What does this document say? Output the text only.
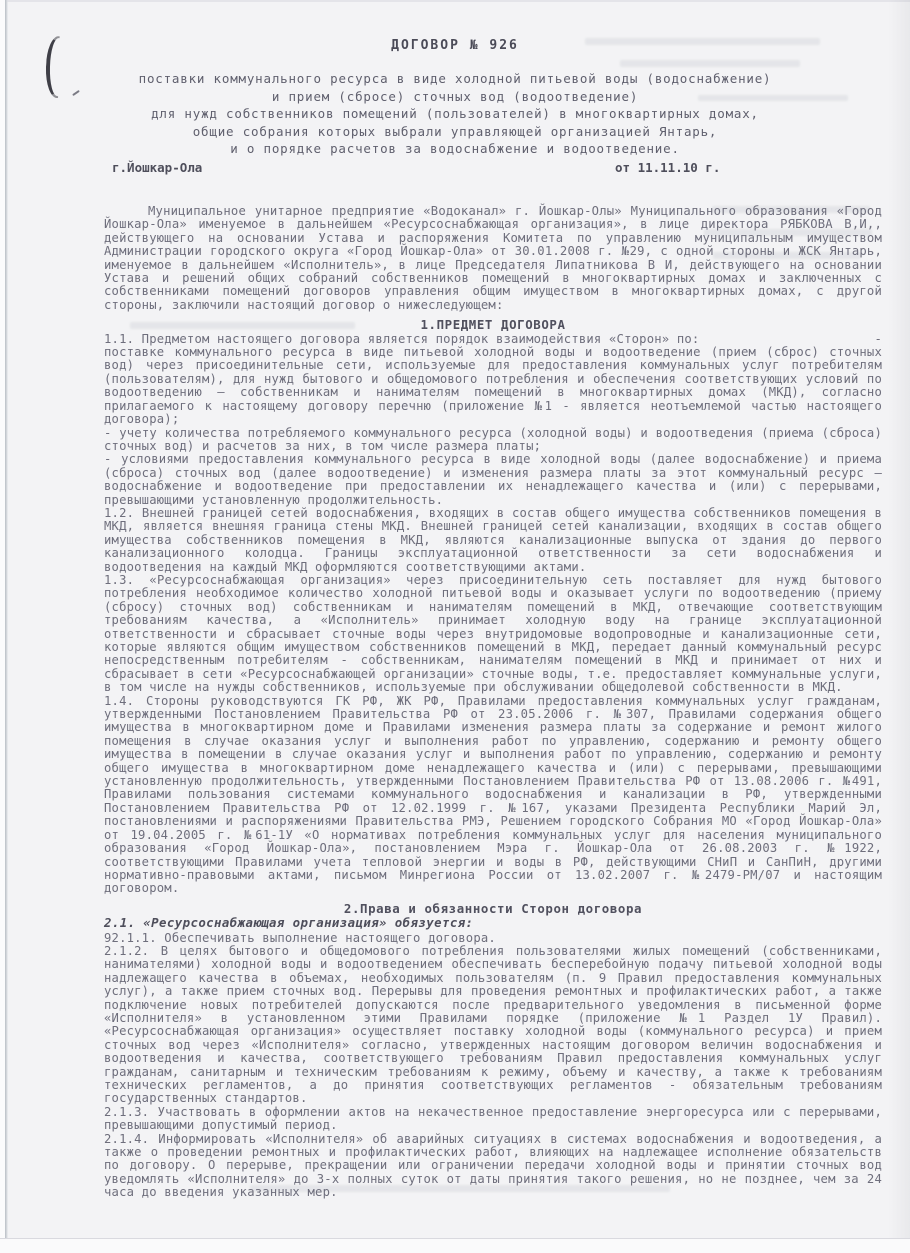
ДОГОВОР № 926
поставки коммунального ресурса в виде холодной питьевой воды (водоснабжение)
и прием (сбросе) сточных вод (водоотведение)
для нужд собственников помещений (пользователей) в многоквартирных домах,
общие собрания которых выбрали управляющей организацией Янтарь,
и о порядке расчетов за водоснабжение и водоотведение.
г.Йошкар-Ола	от 11.11.10 г.

Муниципальное унитарное предприятие «Водоканал» г. Йошкар-Олы» Муниципального образования «Город Йошкар-Ола» именуемое в дальнейшем «Ресурсоснабжающая организация», в лице директора РЯБКОВА В,И,, действующего на основании Устава и распоряжения Комитета по управлению муниципальным имуществом Администрации городского округа «Город Йошкар-Ола» от 30.01.2008 г. №29, с одной стороны и ЖСК Янтарь, именуемое в дальнейшем «Исполнитель», в лице Председателя Липатникова В И, действующего на основании Устава и решений общих собраний собственников помещений в многоквартирных домах и заключенных с собственниками помещений договоров управления общим имуществом в многоквартирных домах, с другой стороны, заключили настоящий договор о нижеследующем:

1.ПРЕДМЕТ ДОГОВОРА

1.1. Предметом настоящего договора является порядок взаимодействия «Сторон» по:	-

поставке коммунального ресурса в виде питьевой холодной воды и водоотведение (прием (сброс) сточных вод) через присоединительные сети, используемые для предоставления коммунальных услуг потребителям (пользователям), для нужд бытового и общедомового потребления и обеспечения соответствующих условий по водоотведению — собственникам и нанимателям помещений в многоквартирных домах (МКД), согласно прилагаемого к настоящему договору перечню (приложение №1 - является неотъемлемой частью настоящего договора);

- учету количества потребляемого коммунального ресурса (холодной воды) и водоотведения (приема (сброса) сточных вод) и расчетов за них, в том числе размера платы;

- условиями предоставления коммунального ресурса в виде холодной воды (далее водоснабжение) и приема (сброса) сточных вод (далее водоотведение) и изменения размера платы за этот коммунальный ресурс — водоснабжение и водоотведение при предоставлении их ненадлежащего качества и (или) с перерывами, превышающими установленную продолжительность.

1.2. Внешней границей сетей водоснабжения, входящих в состав общего имущества собственников помещения в МКД, является внешняя граница стены МКД. Внешней границей сетей канализации, входящих в состав общего имущества собственников помещения в МКД, являются канализационные выпуска от здания до первого канализационного колодца. Границы эксплуатационной ответственности за сети водоснабжения и водоотведения на каждый МКД оформляются соответствующими актами.

1.3. «Ресурсоснабжающая организация» через присоединительную сеть поставляет для нужд бытового потребления необходимое количество холодной питьевой воды и оказывает услуги по водоотведению (приему (сбросу) сточных вод) собственникам и нанимателям помещений в МКД, отвечающие соответствующим требованиям качества, а «Исполнитель» принимает холодную воду на границе эксплуатационной ответственности и сбрасывает сточные воды через внутридомовые водопроводные и канализационные сети, которые являются общим имуществом собственников помещений в МКД, передает данный коммунальный ресурс непосредственным потребителям - собственникам, нанимателям помещений в МКД и принимает от них и сбрасывает в сети «Ресурсоснабжающей организации» сточные воды, т.е. предоставляет коммунальные услуги, в том числе на нужды собственников, используемые при обслуживании общедолевой собственности в МКД.

1.4. Стороны руководствуются ГК РФ, ЖК РФ, Правилами предоставления коммунальных услуг гражданам, утвержденными Постановлением Правительства РФ от 23.05.2006 г. №307, Правилами содержания общего имущества в многоквартирном доме и Правилами изменения размера платы за содержание и ремонт жилого помещения в случае оказания услуг и выполнения работ по управлению, содержанию и ремонту общего имущества в помещении в случае оказания услуг и выполнения работ по управлению, содержанию и ремонту общего имущества в многоквартирном доме ненадлежащего качества и (или) с перерывами, превышающими установленную продолжительность, утвержденными Постановлением Правительства РФ от 13.08.2006 г. №491, Правилами пользования системами коммунального водоснабжения и канализации в РФ, утвержденными Постановлением Правительства РФ от 12.02.1999 г. №167, указами Президента Республики Марий Эл, постановлениями и распоряжениями Правительства РМЭ, Решением городского Собрания МО «Город Йошкар-Ола» от 19.04.2005 г. №61-1У «О нормативах потребления коммунальных услуг для населения муниципального образования «Город Йошкар-Ола», постановлением Мэра г. Йошкар-Ола от 26.08.2003 г. №1922, соответствующими Правилами учета тепловой энергии и воды в РФ, действующими СНиП и СанПиН, другими нормативно-правовыми актами, письмом Минрегиона России от 13.02.2007 г. №2479-РМ/07 и настоящим договором.

2.Права и обязанности Сторон договора
2.1. «Ресурсоснабжающая организация» обязуется:

92.1.1. Обеспечивать выполнение настоящего договора.

2.1.2. В целях бытового и общедомового потребления пользователями жилых помещений (собственниками, нанимателями) холодной воды и водоотведением обеспечивать бесперебойную подачу питьевой холодной воды надлежащего качества в объемах, необходимых пользователям (п. 9 Правил предоставления коммунальных услуг), а также прием сточных вод. Перерывы для проведения ремонтных и профилактических работ, а также подключение новых потребителей допускаются после предварительного уведомления в письменной форме «Исполнителя» в установленном этими Правилами порядке (приложение №1 Раздел 1У Правил). «Ресурсоснабжающая организация» осуществляет поставку холодной воды (коммунального ресурса) и прием сточных вод через «Исполнителя» согласно, утвержденных настоящим договором величин водоснабжения и водоотведения и качества, соответствующего требованиям Правил предоставления коммунальных услуг гражданам, санитарным и техническим требованиям к режиму, объему и качеству, а также к требованиям технических регламентов, а до принятия соответствующих регламентов - обязательным требованиям государственных стандартов.

2.1.3. Участвовать в оформлении актов на некачественное предоставление энергоресурса или с перерывами, превышающими допустимый период.

2.1.4. Информировать «Исполнителя» об аварийных ситуациях в системах водоснабжения и водоотведения, а также о проведении ремонтных и профилактических работ, влияющих на надлежащее исполнение обязательств по договору. О перерыве, прекращении или ограничении передачи холодной воды и принятии сточных вод уведомлять «Исполнителя» до 3-х полных суток от даты принятия такого решения, но не позднее, чем за 24 часа до введения указанных мер.
